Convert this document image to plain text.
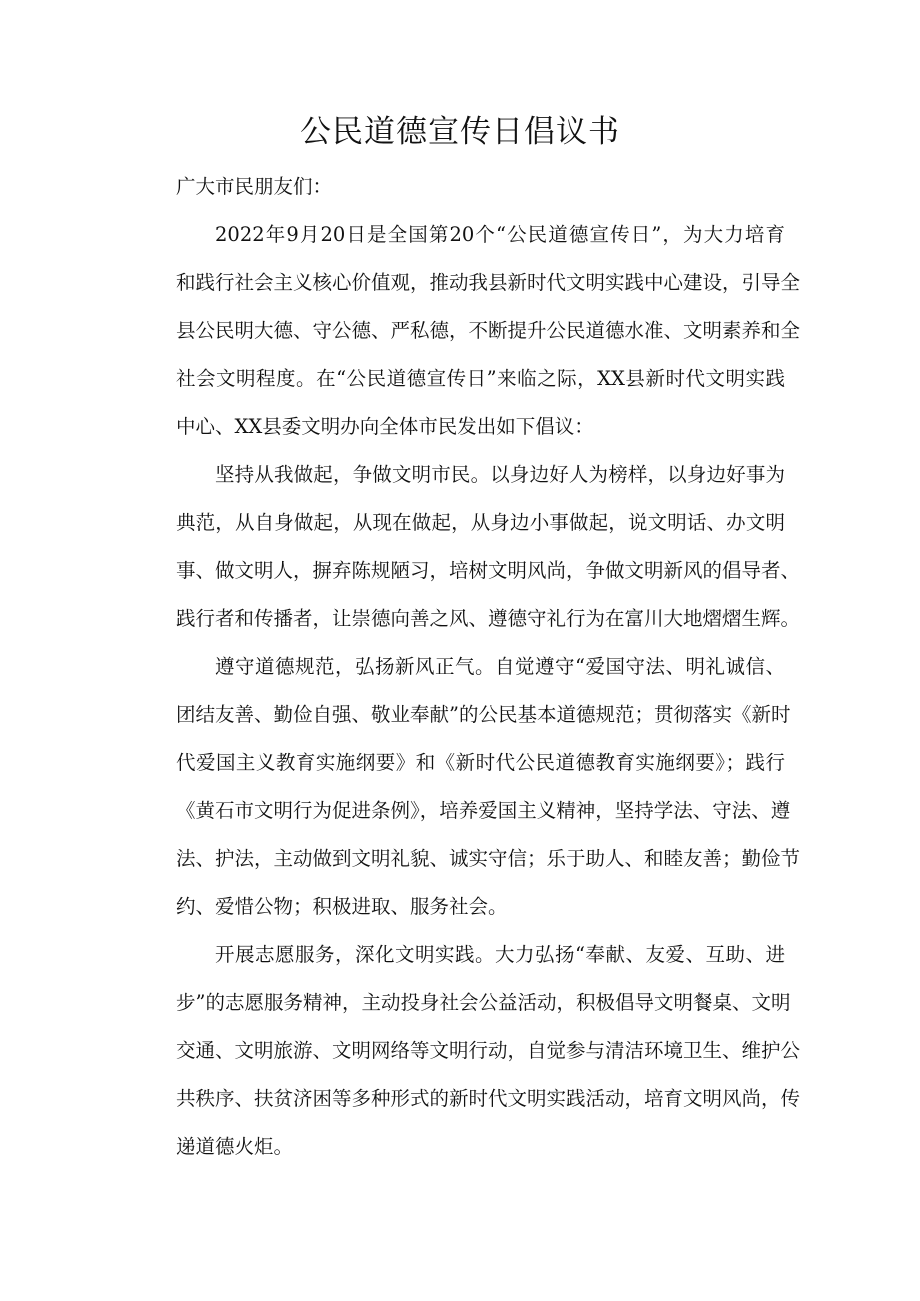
公民道德宣传日倡议书

广大市民朋友们：

2022年9月20日是全国第20个“公民道德宣传日”，为大力培育
和践行社会主义核心价值观，推动我县新时代文明实践中心建设，引导全
县公民明大德、守公德、严私德，不断提升公民道德水准、文明素养和全
社会文明程度。在“公民道德宣传日”来临之际，XX县新时代文明实践
中心、XX县委文明办向全体市民发出如下倡议：
坚持从我做起，争做文明市民。以身边好人为榜样，以身边好事为
典范，从自身做起，从现在做起，从身边小事做起，说文明话、办文明
事、做文明人，摒弃陈规陋习，培树文明风尚，争做文明新风的倡导者、
践行者和传播者，让崇德向善之风、遵德守礼行为在富川大地熠熠生辉。
遵守道德规范，弘扬新风正气。自觉遵守“爱国守法、明礼诚信、
团结友善、勤俭自强、敬业奉献”的公民基本道德规范；贯彻落实《新时
代爱国主义教育实施纲要》和《新时代公民道德教育实施纲要》；践行
《黄石市文明行为促进条例》，培养爱国主义精神，坚持学法、守法、遵
法、护法，主动做到文明礼貌、诚实守信；乐于助人、和睦友善；勤俭节
约、爱惜公物；积极进取、服务社会。
开展志愿服务，深化文明实践。大力弘扬“奉献、友爱、互助、进
步”的志愿服务精神，主动投身社会公益活动，积极倡导文明餐桌、文明
交通、文明旅游、文明网络等文明行动，自觉参与清洁环境卫生、维护公
共秩序、扶贫济困等多种形式的新时代文明实践活动，培育文明风尚，传
递道德火炬。
